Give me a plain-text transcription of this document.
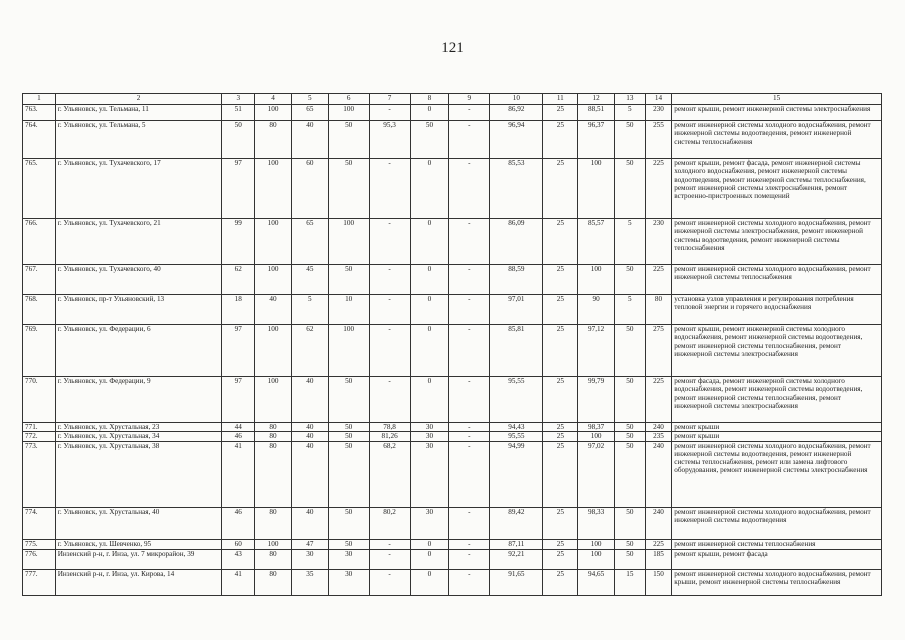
121
1	2	3	4	5	6	7	8	9	10	11	12	13	14	15
763.	г. Ульяновск, ул. Тельмана, 11	51	100	65	100	-	0	-	86,92	25	88,51	5	230	ремонт крыши, ремонт инженерной системы электроснабжения
764.	г. Ульяновск, ул. Тельмана, 5	50	80	40	50	95,3	50	-	96,94	25	96,37	50	255	ремонт инженерной системы холодного водоснабжения, ремонт инженерной системы водоотведения, ремонт инженерной системы теплоснабжения
765.	г. Ульяновск, ул. Тухачевского, 17	97	100	60	50	-	0	-	85,53	25	100	50	225	ремонт крыши, ремонт фасада, ремонт инженерной системы холодного водоснабжения, ремонт инженерной системы водоотведения, ремонт инженерной системы теплоснабжения, ремонт инженерной системы электроснабжения, ремонт встроенно-пристроенных помещений
766.	г. Ульяновск, ул. Тухачевского, 21	99	100	65	100	-	0	-	86,09	25	85,57	5	230	ремонт инженерной системы холодного водоснабжения, ремонт инженерной системы электроснабжения, ремонт инженерной системы водоотведения, ремонт инженерной системы теплоснабжения
767.	г. Ульяновск, ул. Тухачевского, 40	62	100	45	50	-	0	-	88,59	25	100	50	225	ремонт инженерной системы холодного водоснабжения, ремонт инженерной системы теплоснабжения
768.	г. Ульяновск, пр-т Ульяновский, 13	18	40	5	10	-	0	-	97,01	25	90	5	80	установка узлов управления и регулирования потребления тепловой энергии и горячего водоснабжения
769.	г. Ульяновск, ул. Федерации, 6	97	100	62	100	-	0	-	85,81	25	97,12	50	275	ремонт крыши, ремонт инженерной системы холодного водоснабжения, ремонт инженерной системы водоотведения, ремонт инженерной системы теплоснабжения, ремонт инженерной системы электроснабжения
770.	г. Ульяновск, ул. Федерации, 9	97	100	40	50	-	0	-	95,55	25	99,79	50	225	ремонт фасада, ремонт инженерной системы холодного водоснабжения, ремонт инженерной системы водоотведения, ремонт инженерной системы теплоснабжения, ремонт инженерной системы электроснабжения
771.	г. Ульяновск, ул. Хрустальная, 23	44	80	40	50	78,8	30	-	94,43	25	98,37	50	240	ремонт крыши
772.	г. Ульяновск, ул. Хрустальная, 34	46	80	40	50	81,26	30	-	95,55	25	100	50	235	ремонт крыши
773.	г. Ульяновск, ул. Хрустальная, 38	41	80	40	50	68,2	30	-	94,99	25	97,02	50	240	ремонт инженерной системы холодного водоснабжения, ремонт инженерной системы водоотведения, ремонт инженерной системы теплоснабжения, ремонт или замена лифтового оборудования, ремонт инженерной системы электроснабжения
774.	г. Ульяновск, ул. Хрустальная, 40	46	80	40	50	80,2	30	-	89,42	25	98,33	50	240	ремонт инженерной системы холодного водоснабжения, ремонт инженерной системы водоотведения
775.	г. Ульяновск, ул. Шевченко, 95	60	100	47	50	-	0	-	87,11	25	100	50	225	ремонт инженерной системы теплоснабжения
776.	Инзенский р-н, г. Инза, ул. 7 микрорайон, 39	43	80	30	30	-	0	-	92,21	25	100	50	185	ремонт крыши, ремонт фасада
777.	Инзенский р-н, г. Инза, ул. Кирова, 14	41	80	35	30	-	0	-	91,65	25	94,65	15	150	ремонт инженерной системы холодного водоснабжения, ремонт крыши, ремонт инженерной системы теплоснабжения
